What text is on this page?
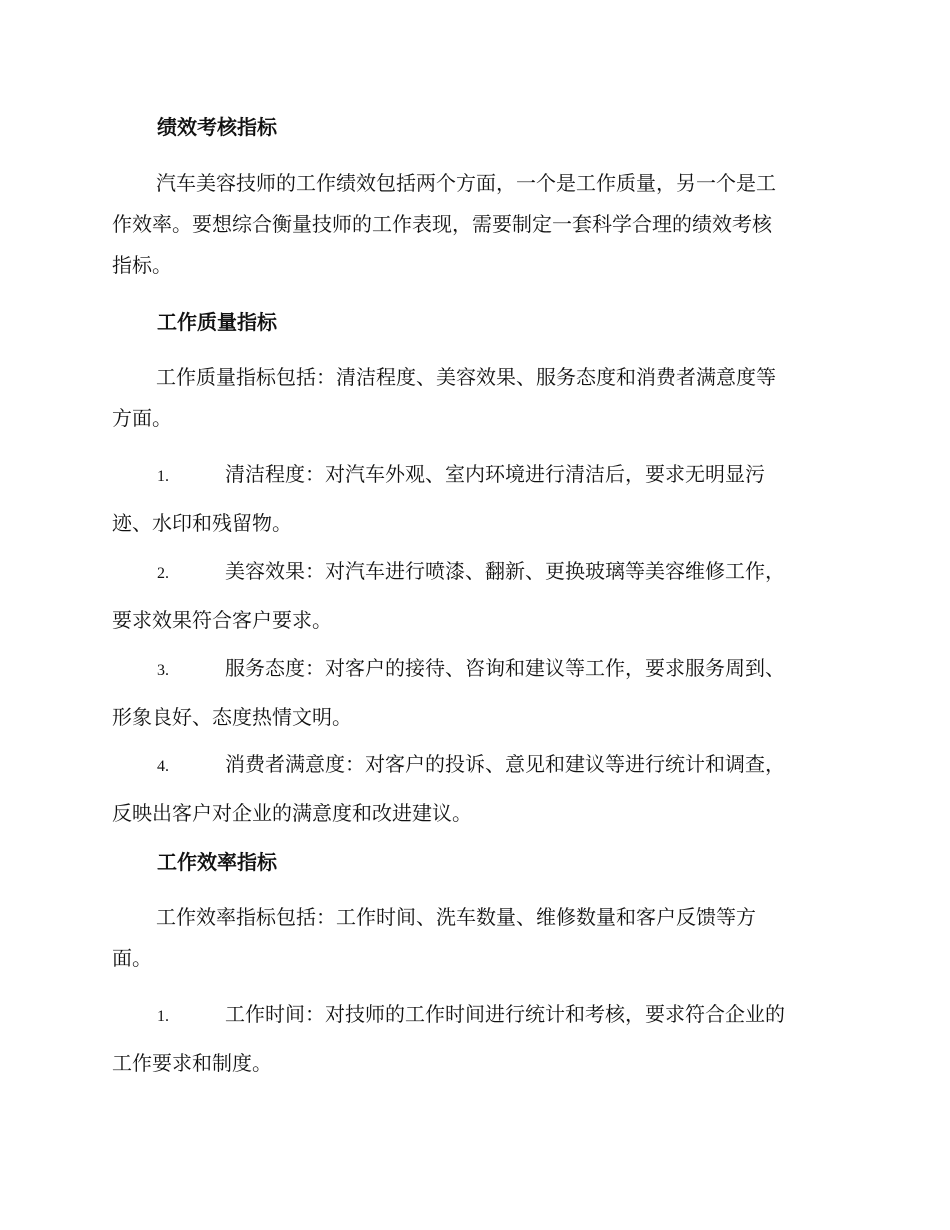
绩效考核指标

汽车美容技师的工作绩效包括两个方面，一个是工作质量，另一个是工
作效率。要想综合衡量技师的工作表现，需要制定一套科学合理的绩效考核
指标。

工作质量指标

工作质量指标包括：清洁程度、美容效果、服务态度和消费者满意度等
方面。

1.	清洁程度：对汽车外观、室内环境进行清洁后，要求无明显污
迹、水印和残留物。
2.	美容效果：对汽车进行喷漆、翻新、更换玻璃等美容维修工作，
要求效果符合客户要求。
3.	服务态度：对客户的接待、咨询和建议等工作，要求服务周到、
形象良好、态度热情文明。
4.	消费者满意度：对客户的投诉、意见和建议等进行统计和调查，
反映出客户对企业的满意度和改进建议。
工作效率指标

工作效率指标包括：工作时间、洗车数量、维修数量和客户反馈等方
面。

1.	工作时间：对技师的工作时间进行统计和考核，要求符合企业的
工作要求和制度。
